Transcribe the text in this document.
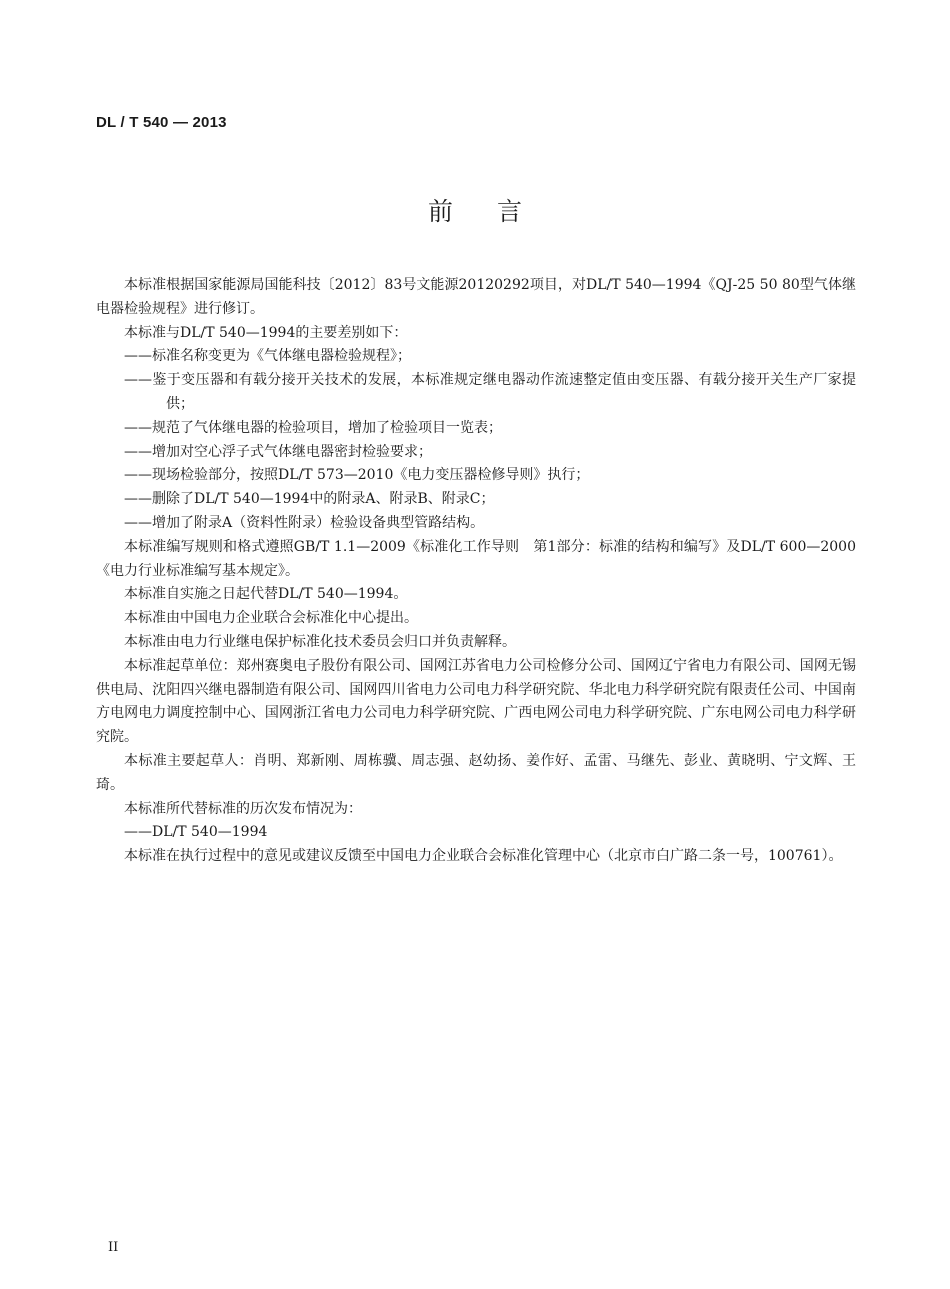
DL / T 540 — 2013
前言

本标准根据国家能源局国能科技〔2012〕83号文能源20120292项目，对DL/T 540—1994《QJ-25 50 80型气体继电器检验规程》进行修订。

本标准与DL/T 540—1994的主要差别如下：

——标准名称变更为《气体继电器检验规程》；

——鉴于变压器和有载分接开关技术的发展，本标准规定继电器动作流速整定值由变压器、有载分接开关生产厂家提供；

——规范了气体继电器的检验项目，增加了检验项目一览表；

——增加对空心浮子式气体继电器密封检验要求；

——现场检验部分，按照DL/T 573—2010《电力变压器检修导则》执行；

——删除了DL/T 540—1994中的附录A、附录B、附录C；

——增加了附录A（资料性附录）检验设备典型管路结构。

本标准编写规则和格式遵照GB/T 1.1—2009《标准化工作导则　第1部分：标准的结构和编写》及DL/T 600—2000《电力行业标准编写基本规定》。

本标准自实施之日起代替DL/T 540—1994。

本标准由中国电力企业联合会标准化中心提出。

本标准由电力行业继电保护标准化技术委员会归口并负责解释。

本标准起草单位：郑州赛奥电子股份有限公司、国网江苏省电力公司检修分公司、国网辽宁省电力有限公司、国网无锡供电局、沈阳四兴继电器制造有限公司、国网四川省电力公司电力科学研究院、华北电力科学研究院有限责任公司、中国南方电网电力调度控制中心、国网浙江省电力公司电力科学研究院、广西电网公司电力科学研究院、广东电网公司电力科学研究院。

本标准主要起草人：肖明、郑新刚、周栋骥、周志强、赵幼扬、姜作好、孟雷、马继先、彭业、黄晓明、宁文辉、王琦。

本标准所代替标准的历次发布情况为：

——DL/T 540—1994

本标准在执行过程中的意见或建议反馈至中国电力企业联合会标准化管理中心（北京市白广路二条一号，100761）。

II
